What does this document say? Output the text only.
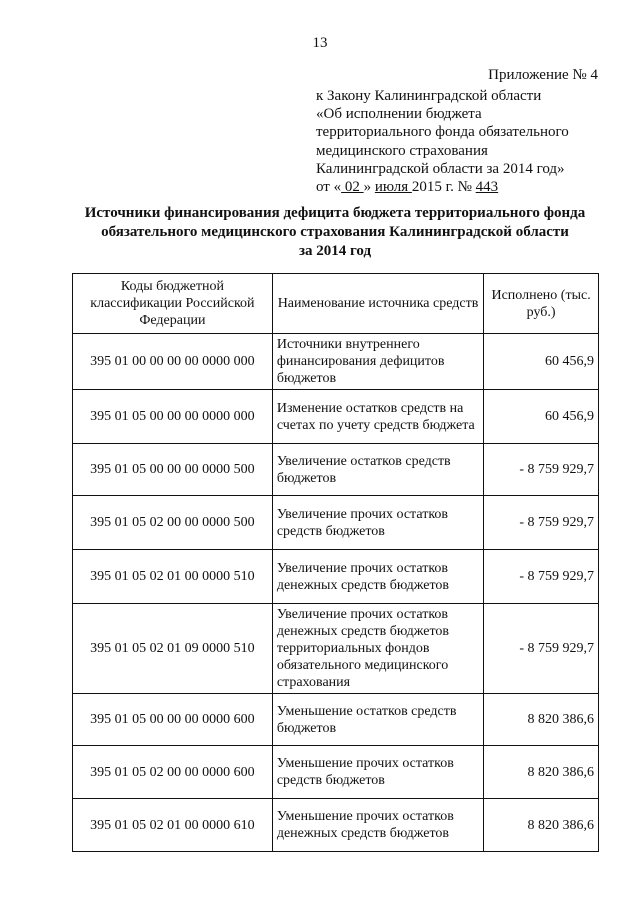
13
Приложение № 4
к Закону Калининградской области
«Об исполнении бюджета
территориального фонда обязательного
медицинского страхования
Калининградской области за 2014 год»
от « 02 » июля 2015 г. № 443
Источники финансирования дефицита бюджета территориального фонда
обязательного медицинского страхования Калининградской области
за 2014 год
Коды бюджетной классификации Российской Федерации	Наименование источника средств	Исполнено (тыс. руб.)
395 01 00 00 00 00 0000 000	Источники внутреннего финансирования дефицитов бюджетов	60 456,9
395 01 05 00 00 00 0000 000	Изменение остатков средств на счетах по учету средств бюджета	60 456,9
395 01 05 00 00 00 0000 500	Увеличение остатков средств бюджетов	- 8 759 929,7
395 01 05 02 00 00 0000 500	Увеличение прочих остатков средств бюджетов	- 8 759 929,7
395 01 05 02 01 00 0000 510	Увеличение прочих остатков денежных средств бюджетов	- 8 759 929,7
395 01 05 02 01 09 0000 510	Увеличение прочих остатков денежных средств бюджетов территориальных фондов обязательного медицинского страхования	- 8 759 929,7
395 01 05 00 00 00 0000 600	Уменьшение остатков средств бюджетов	8 820 386,6
395 01 05 02 00 00 0000 600	Уменьшение прочих остатков средств бюджетов	8 820 386,6
395 01 05 02 01 00 0000 610	Уменьшение прочих остатков денежных средств бюджетов	8 820 386,6
